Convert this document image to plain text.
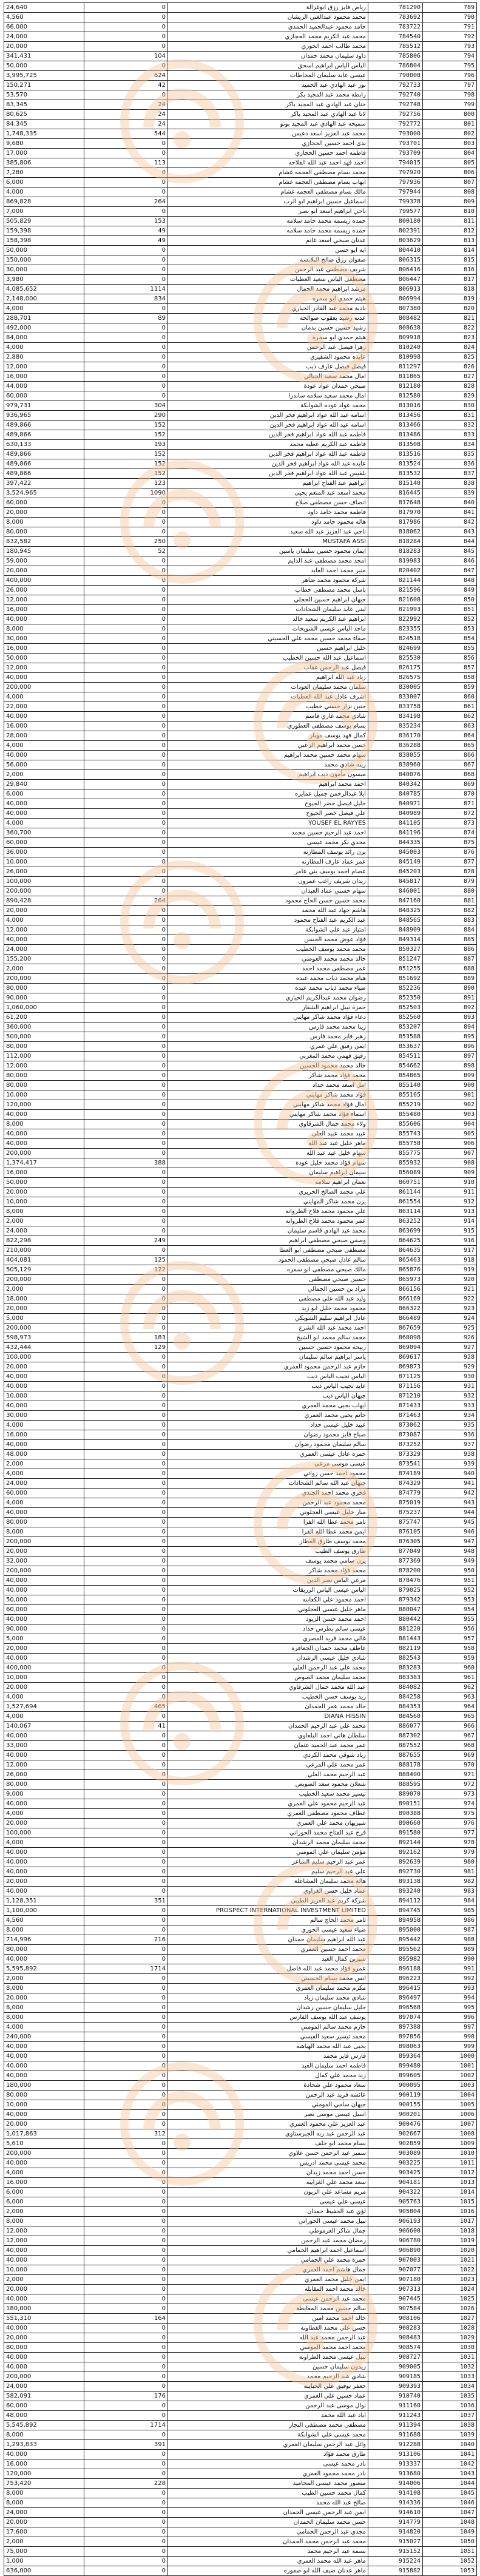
24,640	0	رياض فايز رزق ابوغزالة	781290	789
4,560	0	محمد محمود عبدالغني الريشان	783692	790
66,000	0	حامد محمود عبدالحميد الحمدي	783722	791
24,000	0	محمد عبد الكريم محمد الحجازي	784540	792
20,000	0	محمد طالب احمد الحوري	785512	793
341,431	104	داود سليمان محمد حمدان	785806	794
50,000	0	الياس الياس ابراهيم اسحق	786804	795
3,995,725	624	عيسى عايد سليمان المحاطات	790008	796
150,271	42	نور عبد الهادي عبد الحميد	792733	797
53,570	0	رابطه محمد عبد المجيد بكر	792740	798
83,345	24	حنان عبد الهادي عبد المجيد باكر	792748	799
80,625	24	لانا عبد الهادي عبد المجيد باكر	792756	800
84,345	24	سميحه عبد الهادي عبد المجيد بوتو	792772	801
1,748,335	544	محمد عبد العزيز اسعد دعيس	793000	802
9,680	0	ندى احمد حسين الحجازي	793701	803
17,000	0	فاطمه احمد حسين الحجازي	793709	804
385,806	113	احمد فهد احمد عبد الله الفلاحه	794015	805
7,280	0	محمد بسام مصطفى العجمه غشام	797920	806
6,000	0	ابهاب بسام مصطفى العجمه غشام	797936	807
4,000	0	مالك بسام مصطفى العجمه غشام	797944	808
869,828	264	اسماعيل حسين ابراهيم ابو الرب	799378	809
7,000	0	ناجي ابراهيم اسعد ابو نصر	799577	810
505,829	153	حمده زيسمه محمد حامد سلامه	800180	811
159,398	49	حمده زيسمه محمد حامد سلامه	802391	812
158,398	49	عدنان صبحي اسعد غانم	803629	813
50,000	0	ايه ابو حسن	804410	814
150,000	0	صفوان رزق صالح البلابسة	806315	815
30,000	0	شريف مصطفى عبد الرحمن	806416	816
3,980	0	مصطفى الياس سعيد العطيات	806447	817
4,085,652	1114	مرشد ابراهيم محمد الجمال	806913	818
2,148,000	834	هيثم حمدي ابو سمره	806994	819
4,000	0	نادية محمد عبد القادر الحياري	807380	820
288,701	89	عدنه رشيد يعقوب صوالحه	808482	821
492,000	0	رشيد حسين حسين بدمان	808638	822
84,000	0	هيثم حمدي ابو سمرة	809918	823
4,000	0	زهرا فيصل عبد الرحمن	810240	824
2,880	0	عايده محمود الشقيري	810998	825
12,000	0	فيصل فيصل عارف ذيب	811297	826
16,000	0	امال محمد سعيد الجبالي	811865	827
44,000	0	صبحي حمدان عواد عودة	812180	828
60,000	0	امال محمد سعيد سلامه ساندرا	812580	829
979,731	304	محمد عواد عوده الشوابكة	813016	830
936,965	290	اسامه عيد الله عواد ابراهيم فخر الدين	813456	831
489,866	152	اسامه عيد الله عواد ابراهيم فخر الدين	813466	832
489,866	152	فاطمه عبد الله عواد ابراهيم فخر الدين	813486	833
630,133	193	فاطمه عبد الكريم عطيه محمد	813508	834
489,866	152	فاطمه عبد الله عواد ابراهيم فخر الدين	813516	835
489,866	152	عايده عبد الله عواد ابراهيم فخر الدين	813524	836
489,866	152	بلقيس عبد الله عواد ابراهيم فخر الدين	813532	837
397,422	123	ابراهيم عبد الفتاح ابراهيم	815140	838
3,524,965	1090	محمد اسعد عبد المنعم يحيى	816445	839
60,000	0	انصاف حسن مصطفى صلاح	817648	840
20,000	0	فاطمه محمد حامد داود	817970	841
8,000	0	هاله محمود حامد داود	817986	842
80,000	0	ناجي عبد العزيز عبد الله سعيد	818062	843
832,582	250	MUSTAFA ASSI	818284	844
180,945	52	ايمان محمود حسين سليمان ياسين	818283	845
59,000	0	امجد محمد مصطفى عبد الدايم	819983	846
20,000	0	منير محمد احمد العابد	820402	847
400,000	0	شركة محمود محمد ضاهر	821144	848
26,000	0	باسل محمد مصطفى خطاب	821596	849
12,000	0	جيهان ابراهيم حسين الحجلي	821608	850
16,000	0	لبنى عايد سليمان الشحادات	821993	851
40,000	0	ابراهيم عبد الكريم سعيد خالد	822992	852
8,000	0	ماجد الياس عيسى الشويحات	823355	853
30,000	0	صفاء محمد حسين محمد علي الحسيني	824518	854
16,000	0	خليل ابراهيم حسين	824699	855
50,000	0	اسماعيل عبد الله حسين الخطيب	825530	856
12,000	0	فيصل عبد الرحمن عقاب	826175	857
40,000	0	زياد عبد الله ابراهيم	826575	858
200,000	0	سلمان محمد سليمان العودات	830005	859
4,000	0	اشرف عادل عبد الله العطيات	833007	860
22,000	0	حنين نزار حسني خطيب	833758	861
40,000	0	شادي محمد غازي قاسم	834198	862
16,000	0	بسام يوسف مصطفى العطوري	835234	863
28,000	0	كمال فهد يوسف مهيار	836170	864
4,000	0	حسن محمد ابراهيم الزعبي	836288	865
40,000	0	سهام محمد حسين محمد ابراهيم	838055	866
56,000	0	زينه شادي محمد	838960	867
2,000	0	ميسون مأمون ذيب ابراهيم	840076	868
29,840	0	احمد محمد ابراهيم	840342	869
6,000	0	ايلا عبدالرحمن جميل عمايره	840785	870
40,000	0	خليل فيصل خضر الجيوح	840971	871
40,000	0	علي فيصل خضر الجيوح	840989	872
4,000	0	YOUSEF EL RAYYES	841105	873
360,700	0	احمد عبد الرحيم حسين محمد	841196	874
60,000	0	مجدي بكر محمد عيسى	844335	875
36,000	0	يزن رائد يوسف المطارنة	845003	876
10,000	0	عمر عماد عارف المطارنه	845149	877
26,000	0	عصام احمد يوسف بني عامر	845203	878
100,000	0	زيدان شريف راغب عمرون	845817	879
200,000	0	سهام حسني عماد العبدان	846001	880
890,428	264	محمد حسين حسن الحاج محمود	847160	881
20,000	0	هاشم جهاد عبد الله محمد	848325	882
4,000	0	عبد الكريم عبد الفتاح محمود	848565	883
12,000	0	امتياز عبد علي الشوابكة	848909	884
40,000	0	فؤاد عوض محمد الحسن	849314	885
24,000	0	محمد محمد يوسف الخطيب	850327	886
155,200	0	خالد محمد محمد العوضي	851247	887
2,000	0	عمر مصطفى محمد احمد	851255	888
200,000	0	هيام محمد ذياب محمد عبده	851692	889
80,000	0	ضياء محمد ذياب محمد عبده	852236	890
90,000	0	رضوان محمد عبدالكريم الحياري	852350	891
1,060,000	0	حمزة نبيل ابراهيم الشقار	852503	892
61,200	0	دعاء فؤاد محمد شاكر مهايني	852560	893
360,000	0	زينا محمد محمد فارس	853207	894
500,000	0	زهير فايز محمد فارس	853588	895
80,000	0	ايمن رفيق علي عمري	853637	896
112,000	0	رفيق فهمي محمد المغربي	854511	897
12,000	0	خالد محمد محمود الحسين	854662	898
80,000	0	محمد فؤاد محمد شاكر	854865	899
80,000	0	امل اسعد محمد حداد	855140	900
10,000	0	فؤاد محمد شاكر مهايني	855165	901
120,000	0	امال فؤاد محمد شاكر مهايني	855219	902
40,000	0	اسماء فؤاد محمد شاكر مهايني	855480	903
8,000	0	ولاء محمد جمال الشرقاوي	855606	904
40,000	0	عبيد محمد عبيد العلي	855743	905
40,000	0	ماهر خليل عيد عبد الله	855758	906
200,000	0	سهام خليل عيد عبد الله	855775	907
1,374,417	388	سهام فؤاد محمد خليل عودة	855932	908
16,000	0	سيمان ابراهيم سليمان	856089	909
50,000	0	نعمان ابراهيم سلامه	860751	910
20,000	0	علي محمد الصالح الحريري	861144	911
10,000	0	يزن محمد شاكر المهايني	861554	912
8,000	0	علي محمود محمد فلاح الطروانه	863114	913
2,000	0	عمر محمود محمد فلاح الطروانه	863252	914
24,000	0	محمد عبد الهادي قاسم سليمان	863699	915
822,298	249	وصفي صبحي مصطفى ابراهيم	864625	916
210,000	0	مصطفى صبحي مصطفى ابو العطا	864635	917
404,081	125	سالم عادل صبحي مصطفى الحمود	865463	918
505,129	122	مالك صبحي مصطفى ابو سمره	865876	919
200,000	0	حسين صبحي مصطفى	865973	920
2,000	0	مراد بن حسين الجمالي	866156	921
18,000	0	وليد عبد الله علي مصطفى	866169	922
20,000	0	محمود محمد خليل ابو زيد	866322	923
5,000	0	عادل ابراهيم سليم الشوبكي	866489	924
200,000	0	احمد محمد عبد الله الشرع	867659	925
598,973	183	محمد سالم محمد ابو الشيخ	868098	926
432,444	129	ربيحه محمود حسين حسين	869094	927
100,000	0	ياسر ابراهيم سالم سليمان	869617	928
20,000	0	حازم عبد الرحمن محمود العمري	869873	929
40,000	0	الياس نجيب الياس ذيب	871125	930
40,000	0	عايد تجيب الياس ذيب	871156	931
10,000	0	جيهان الياس ذيب	871210	932
40,000	0	ايهاب يحيى محمد العمري	871433	933
30,000	0	حاتم يحيى محمد العمري	871463	934
4,000	0	عبيد خليل عيسى حداد	873062	935
16,000	0	صباح فايز محمود رضوان	873087	936
40,000	0	سالم سليمان محمود رضوان	873252	937
48,000	0	حمزه عادل عيسى العمري	873329	938
2,000	0	عيسى موسى مرعي	873541	939
4,000	0	محمود احمد حسن زواتي	874189	940
24,000	0	جيهان عبد الله سالم الشحادات	874329	941
60,000	0	فخري محمد احمد الجندي	874779	942
4,000	0	محمد محمود عبد الرحمن	875019	943
40,000	0	منار خليل عيسى العجلوني	875237	944
80,000	0	تامر محمد عطا الله الفرا	875747	945
8,000	0	ايمن محمد عطا الله الفرا	876105	946
200,000	0	محمد يوسف طارق العطار	876305	947
20,000	0	طارق يوسف الطيب	877049	948
32,000	0	يزن سامي محمد يوسف	877369	949
200,000	0	محمد فؤاد محمد شاكر	878200	950
40,000	0	مرعي الياس نصر الدين	878476	951
40,000	0	الياس عيسى الياس الزريقات	879025	952
50,000	0	احمد محمود علي الكعابنه	879342	953
60,000	0	ماهر خليل عيسى العجلوني	880047	954
40,000	0	احمد محمد حسن الزيود	880442	955
90,000	0	عيسى سالم بطرس حداد	881220	956
5,000	0	غالي محمد فريد المصري	881443	957
20,000	0	عاطف محمد حمدان الجعافره	882119	958
40,000	0	شادي خليل عيسى الرشدان	882543	959
400,000	0	محمد علي عبد الرحمن العلي	883283	960
10,000	0	محمد سليمان محمد الصوص	883383	961
20,000	0	عبد الله محمد جمال الشرقاوي	884082	962
4,000	0	زيد يوسف حسن الخطيب	884258	963
1,527,694	465	خالد محمد عمر الحمدان	884353	964
4,000	0	DIANA HISSIN	884560	965
140,067	41	محمد علي عبد الرحيم الحمدان	886077	966
40,000	0	سلطان هاني احمد البلعاوي	887302	967
33,000	0	عمر محمد عبد الحميد عثمان	887552	968
40,000	0	زياد شوقي محمد الكردي	887655	969
12,000	0	عمر محمد علي المرعي	888178	970
26,000	0	عبد الرحيم محمد العلي	888400	971
80,000	0	شعلان محمود سعد الصويص	888595	972
9,000	0	تيسير محمد سعيد الخطيب	889070	973
40,000	0	عبد الرحيم محمود علي العمري	890151	974
4,000	0	عطاف محمود مصطفى العمري	890388	975
20,000	0	شيريهان محمد علي العمري	890660	976
100,000	0	فرح عبد الفتاح محمد الحوراني	891580	977
4,000	0	محمد سليمان محمد الرشدان	892144	978
40,000	0	مؤمن سليمان علي المومني	892162	979
40,000	0	عمر عبد الرحيم سليم الشاعر	892639	980
40,000	0	علي عبد الرحيم سليم	892730	981
20,000	0	هالة محمد سليمان المشاعلة	893138	982
40,000	0	عماد خليل حسن الغزاوي	893240	983
1,128,351	351	شركة كريم عبد العزيز الطيبي	894112	984
1,100,000	0	PROSPECT INTERNATIONAL INVESTMENT LIMITED	894745	985
4,560	0	ثامر محمد الحاج سالم	894958	986
8,000	0	ضياء سعيد عيسى الخوري	895000	987
714,996	216	عبد الله ابراهيم سليمان حمدان	895442	988
80,000	0	محمد احمد حسين العمري	895562	989
40,000	0	شيرين كمال العبد	895982	990
5,595,892	1714	عمرو فؤاد محمد عبد الله فاضل	896188	991
2,000	0	انس محمد بسام الحسيني	896223	992
8,000	0	مكرم محمد سليمان العمري	896415	993
20,000	0	شادي محمد سليمان زياد	896497	994
8,000	0	خليل سليمان حسين رشدان	896568	995
8,000	0	يوسف عبد الله يوسف الفارس	897074	996
4,000	0	حازم محمد سالم المومني	897388	997
240,000	0	محمد تيسير سعيد القيسي	897856	998
40,000	0	يحيى عبد الله محمد الهباهبه	898063	999
40,000	0	فارس فايز محمد	899364	1000
40,000	0	فاطمه احمد سليمان العبد	899480	1001
40,000	0	زيد محمد علي كمال	899605	1002
180,000	0	سعاد محمود علي شحادة	900095	1003
80,000	0	عائشة فريد عبد الرحمن	900119	1004
10,000	0	جيهان سامي المومني	900155	1005
40,000	0	اسيل عيسى موسى نصر	900201	1006
20,000	0	عبد العزيز علي محمود العمري	900476	1007
1,017,863	312	عبد الرحمن عبد ربه الجبرستاوي	902667	1008
5,610	0	بسام محمد ابو خلف	902859	1009
200,000	0	سمير عبد الرحمن حسن علاوي	903089	1010
40,000	0	محمد عيسى محمد ادريس	903225	1011
4,000	0	حسن احمد محمد زيدان	903425	1012
16,000	0	سعد محمد علي الغرايبه	904181	1013
6,000	0	مريم مساعد علي الزبون	904322	1014
6,000	0	عيسى علي عيسى	905763	1015
2,000	0	لؤي عبد الحفيظ حمدان	905804	1016
8,000	0	نبيل محمد عيسى الحوراني	906193	1017
12,000	0	جمال شاكر العرموطي	906600	1018
12,000	0	رمضان محمد عبد الرحمن	906780	1019
40,000	0	اسماعيل احمد ابراهيم الحمامي	906890	1020
40,000	0	حمزة محمد علي الحمامي	907003	1021
10,000	0	جمال هاشم احمد العمري	907077	1022
2,000	0	ايمن خليل محمد العمري	907180	1023
20,000	0	خالد محمد احمد المقابلة	907313	1024
40,000	0	محمد عبد الرحمن عيسى	907445	1025
180,000	0	سالم حسين محمد المعايطة	907584	1026
551,310	164	خالد احمد محمد امين	908106	1027
40,000	0	حسن علي محمد القطاونه	908283	1028
20,000	0	عبد الرحمن محمد عبد الله	908483	1029
80,000	0	محمد احمد محمد المومني	908574	1030
40,000	0	نبيل عيسى محمد الطراونه	908727	1031
40,000	0	زيدون سليمان حسين	909005	1032
200,000	0	شادي عبد الرحيم محمد	909185	1033
24,000	0	جعفر توفيق علي الحبايبة	909393	1034
582,091	176	عماد حسين علي العمري	910740	1035
60,000	0	نوال موسى عبد الرحمن	911160	1036
48,000	0	اياد عبد الله محمد	911243	1037
5,545,892	1714	مصطفى محمد مصطفى النجار	911394	1038
8,000	0	محمد عيسى علي الشوابكة	911688	1039
1,293,833	391	وائل عبد الرحمن سليمان العمري	912288	1040
40,000	0	طارق محمد فؤاد	913106	1041
16,000	0	نادر محمد عيسى	913337	1042
120,000	0	نادر محمد محمود العمري	913680	1043
753,420	228	منصور محمد عيسى المحاميد	914006	1044
8,000	0	كمال محمد حسين الطيب	914108	1045
8,000	0	صالح عبد الله محمد	914336	1046
24,000	0	ايمن عبد الرحمن عيسى الحمدان	914610	1047
20,000	0	حسن محمد سليمان الحمدان	914779	1048
17,600	0	مجدي عبد الرحمن الحمامي	914820	1049
2,000	0	محمد عبد الرحمن محمد الحمدان	915027	1050
75,000	0	بسمة عبد الرحيم محمد	915152	1051
1,000	0	ماهر عبد الله محمد العمري	915224	1052
636,000	0	ماهر عدنان ضيف الله ابو صفوره	915882	1053
